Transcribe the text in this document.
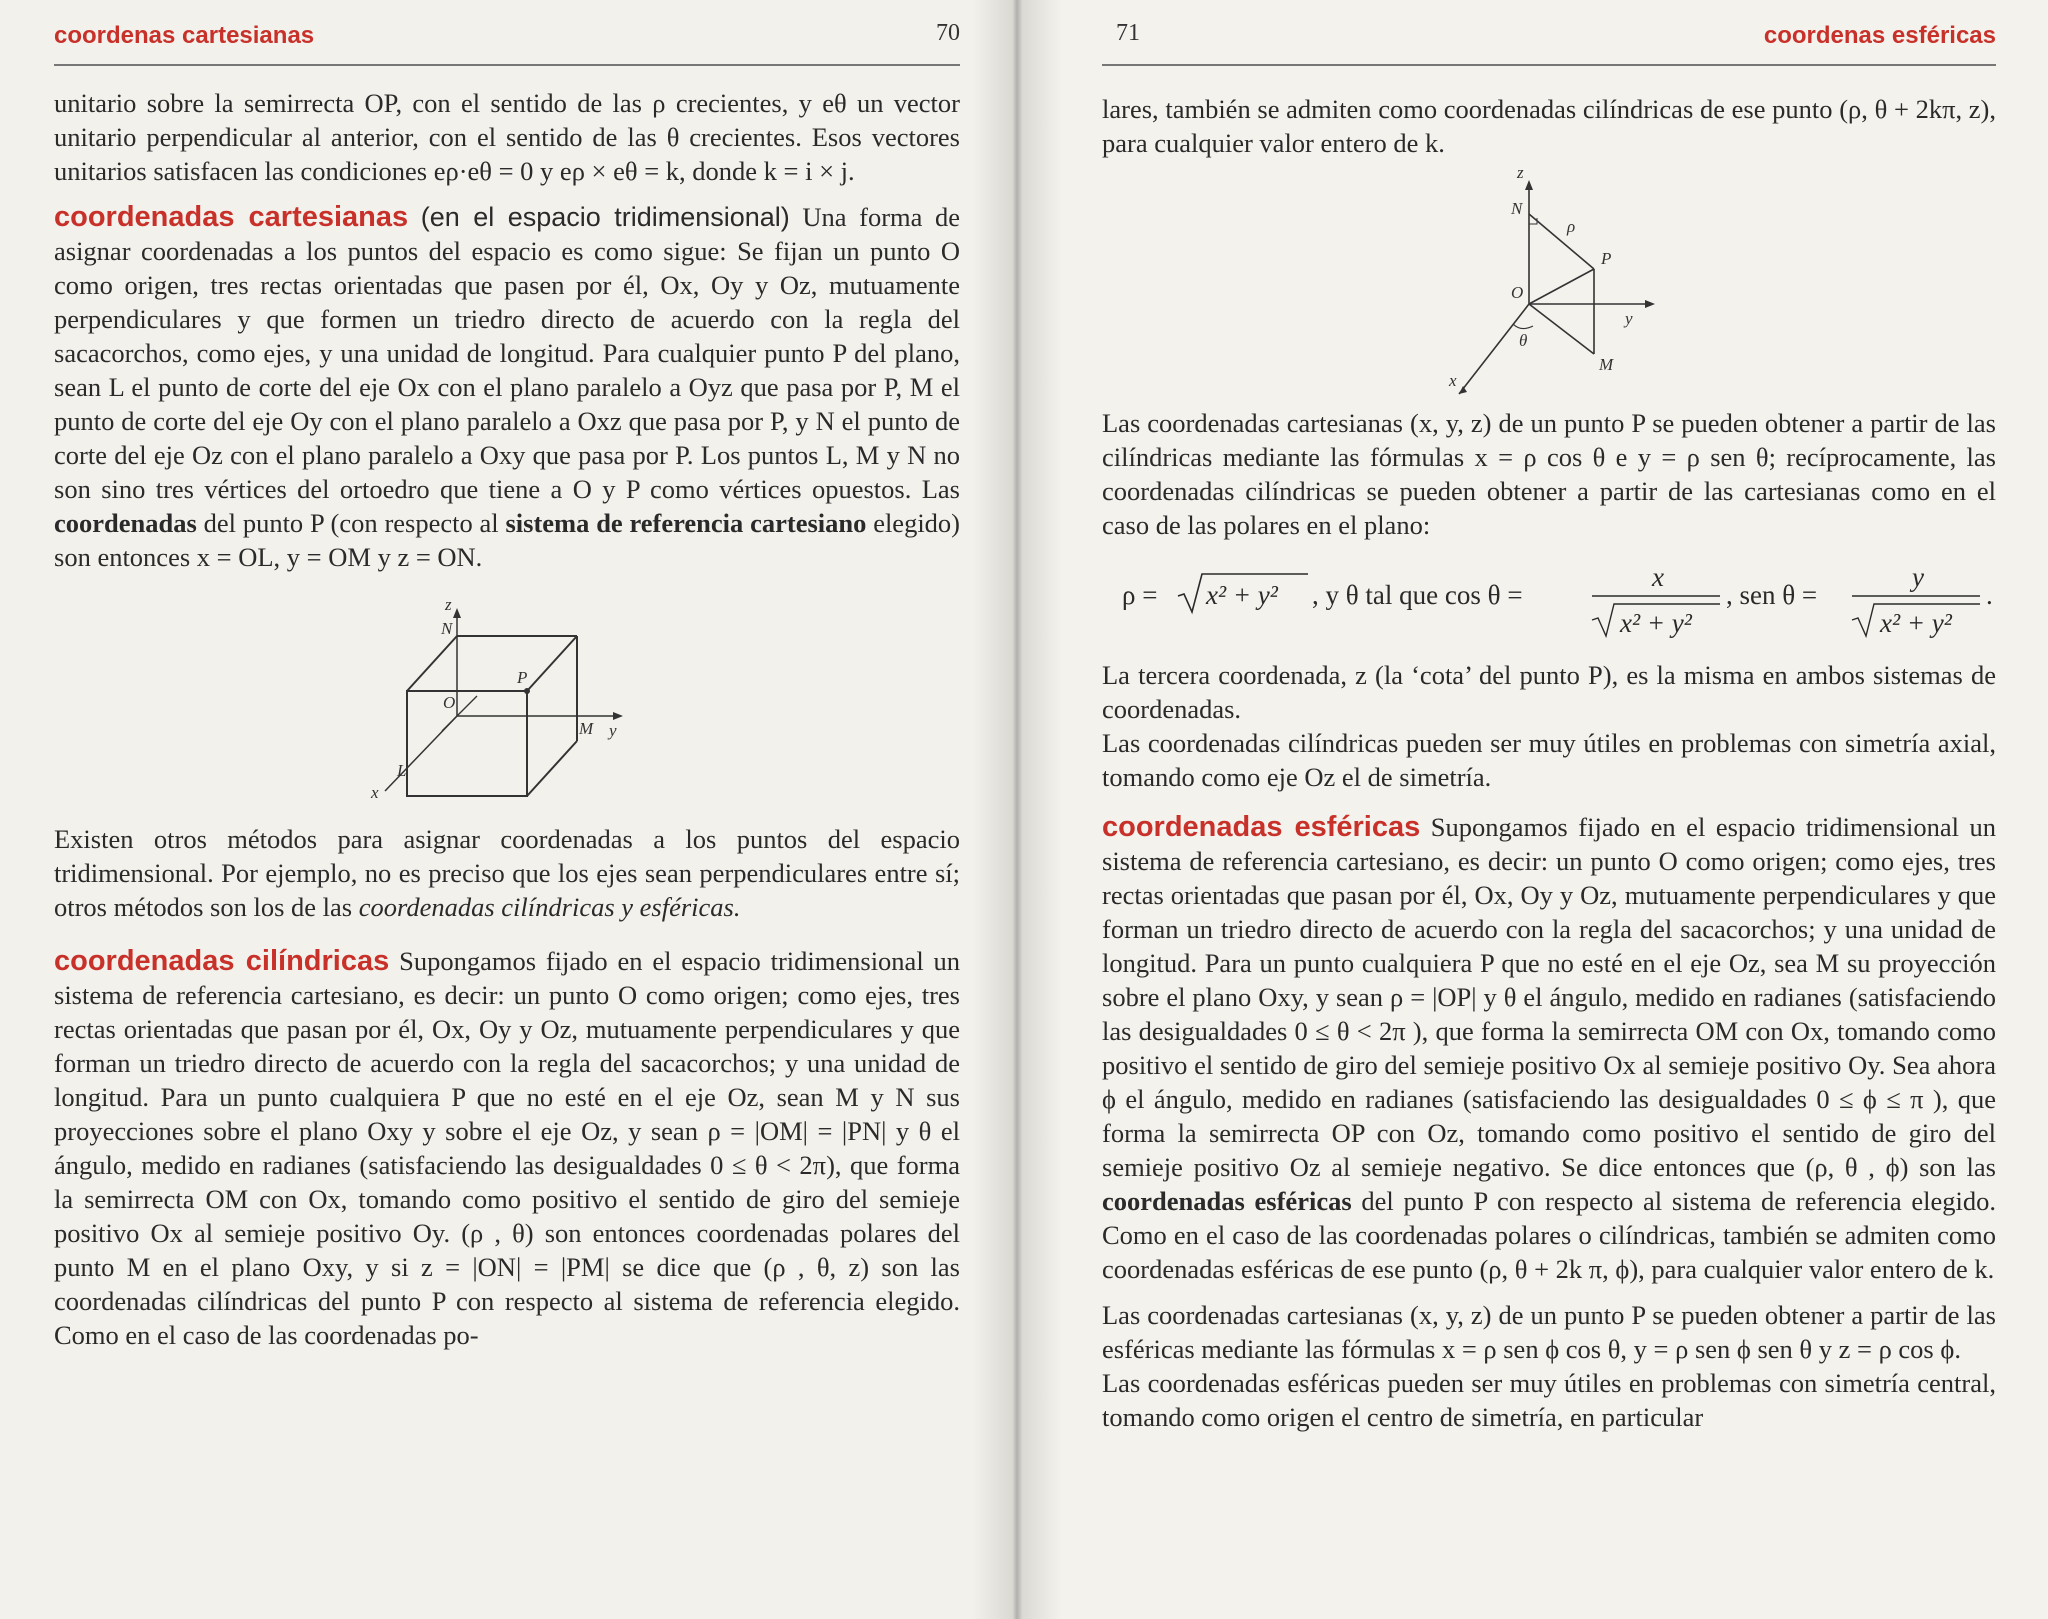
coordenas cartesianas	70

unitario sobre la semirrecta OP, con el sentido de las ρ crecientes, y eθ un vector unitario perpendicular al anterior, con el sentido de las θ crecientes. Esos vectores unitarios satisfacen las condiciones eρ·eθ = 0 y eρ × eθ = k, donde k = i × j.

coordenadas cartesianas (en el espacio tridimensional) Una forma de asignar coordenadas a los puntos del espacio es como sigue: Se fijan un punto O como origen, tres rectas orientadas que pasen por él, Ox, Oy y Oz, mutuamente perpendiculares y que formen un triedro directo de acuerdo con la regla del sacacorchos, como ejes, y una unidad de longitud. Para cualquier punto P del plano, sean L el punto de corte del eje Ox con el plano paralelo a Oyz que pasa por P, M el punto de corte del eje Oy con el plano paralelo a Oxz que pasa por P, y N el punto de corte del eje Oz con el plano paralelo a Oxy que pasa por P. Los puntos L, M y N no son sino tres vértices del ortoedro que tiene a O y P como vértices opuestos. Las coordenadas del punto P (con respecto al sistema de referencia cartesiano elegido) son entonces x = OL, y = OM y z = ON.

z
N
P
O
M y
L
x

Existen otros métodos para asignar coordenadas a los puntos del espacio tridimensional. Por ejemplo, no es preciso que los ejes sean perpendiculares entre sí; otros métodos son los de las coordenadas cilíndricas y esféricas.

coordenadas cilíndricas Supongamos fijado en el espacio tridimensional un sistema de referencia cartesiano, es decir: un punto O como origen; como ejes, tres rectas orientadas que pasan por él, Ox, Oy y Oz, mutuamente perpendiculares y que forman un triedro directo de acuerdo con la regla del sacacorchos; y una unidad de longitud. Para un punto cualquiera P que no esté en el eje Oz, sean M y N sus proyecciones sobre el plano Oxy y sobre el eje Oz, y sean ρ = |OM| = |PN| y θ el ángulo, medido en radianes (satisfaciendo las desigualdades 0 ≤ θ < 2π), que forma la semirrecta OM con Ox, tomando como positivo el sentido de giro del semieje positivo Ox al semieje positivo Oy. (ρ , θ) son entonces coordenadas polares del punto M en el plano Oxy, y si z = |ON| = |PM| se dice que (ρ , θ, z) son las coordenadas cilíndricas del punto P con respecto al sistema de referencia elegido. Como en el caso de las coordenadas po-

71	coordenas esféricas

lares, también se admiten como coordenadas cilíndricas de ese punto (ρ, θ + 2kπ, z), para cualquier valor entero de k.

z
N
ρ
P
O
y
θ
x
M

Las coordenadas cartesianas (x, y, z) de un punto P se pueden obtener a partir de las cilíndricas mediante las fórmulas x = ρ cos θ e y = ρ sen θ; recíprocamente, las coordenadas cilíndricas se pueden obtener a partir de las cartesianas como en el caso de las polares en el plano:

ρ = x² + y² , y θ tal que cos θ =
x
x² + y²
, sen θ =
y
x² + y²
.

La tercera coordenada, z (la ‘cota’ del punto P), es la misma en ambos sistemas de coordenadas.

Las coordenadas cilíndricas pueden ser muy útiles en problemas con simetría axial, tomando como eje Oz el de simetría.

coordenadas esféricas Supongamos fijado en el espacio tridimensional un sistema de referencia cartesiano, es decir: un punto O como origen; como ejes, tres rectas orientadas que pasan por él, Ox, Oy y Oz, mutuamente perpendiculares y que forman un triedro directo de acuerdo con la regla del sacacorchos; y una unidad de longitud. Para un punto cualquiera P que no esté en el eje Oz, sea M su proyección sobre el plano Oxy, y sean ρ = |OP| y θ el ángulo, medido en radianes (satisfaciendo las desigualdades 0 ≤ θ < 2π ), que forma la semirrecta OM con Ox, tomando como positivo el sentido de giro del semieje positivo Ox al semieje positivo Oy. Sea ahora ϕ el ángulo, medido en radianes (satisfaciendo las desigualdades 0 ≤ ϕ ≤ π ), que forma la semirrecta OP con Oz, tomando como positivo el sentido de giro del semieje positivo Oz al semieje negativo. Se dice entonces que (ρ, θ , ϕ) son las coordenadas esféricas del punto P con respecto al sistema de referencia elegido. Como en el caso de las coordenadas polares o cilíndricas, también se admiten como coordenadas esféricas de ese punto (ρ, θ + 2k π, ϕ), para cualquier valor entero de k.

Las coordenadas cartesianas (x, y, z) de un punto P se pueden obtener a partir de las esféricas mediante las fórmulas x = ρ sen ϕ cos θ, y = ρ sen ϕ sen θ y z = ρ cos ϕ.

Las coordenadas esféricas pueden ser muy útiles en problemas con simetría central, tomando como origen el centro de simetría, en particular
